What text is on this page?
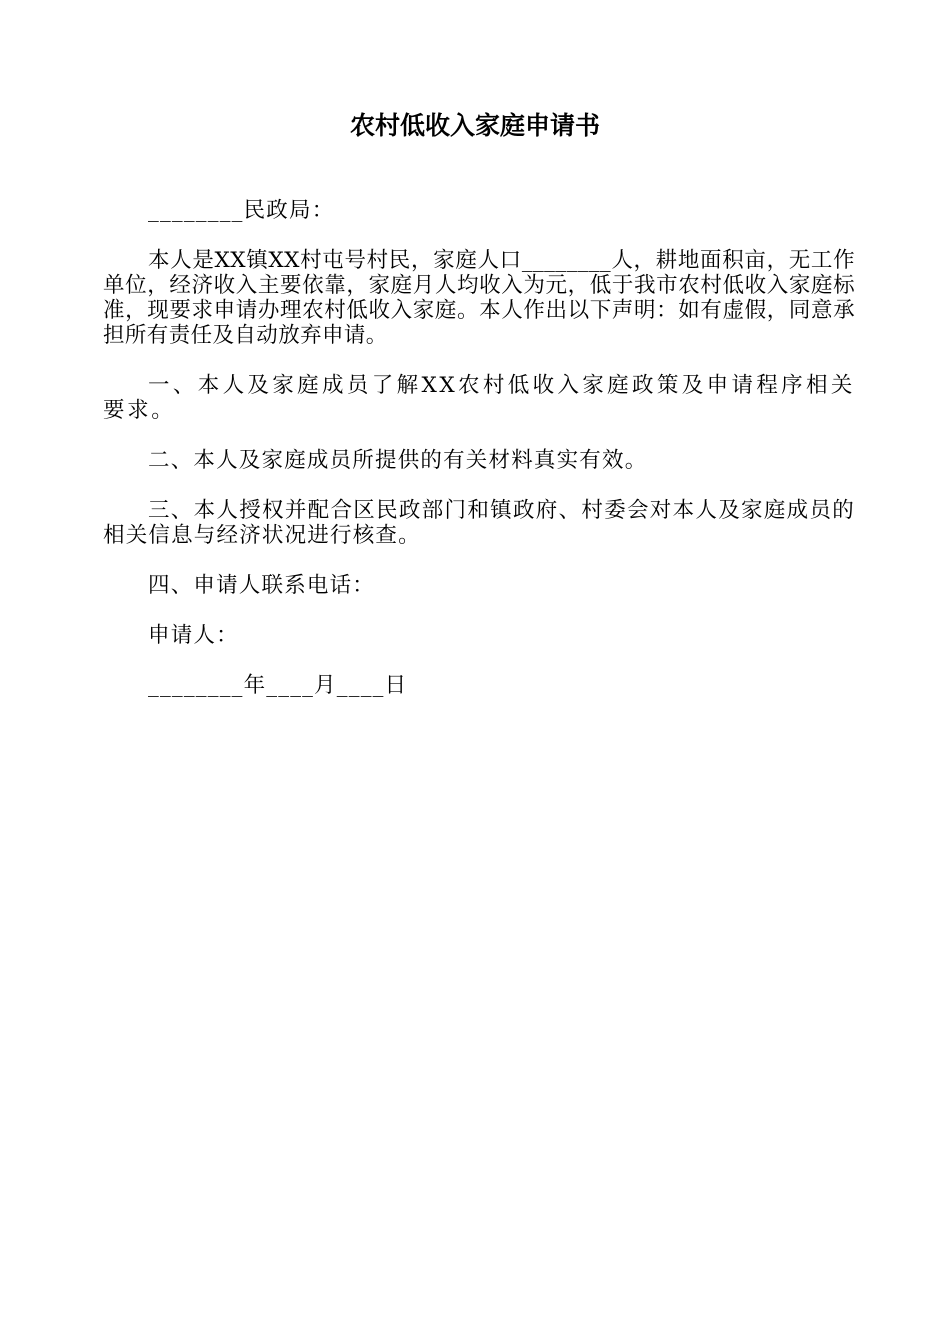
农村低收入家庭申请书

________民政局：

本人是XX镇XX村屯号村民，家庭人口________人，耕地面积亩，无工作单位，经济收入主要依靠，家庭月人均收入为元，低于我市农村低收入家庭标准，现要求申请办理农村低收入家庭。本人作出以下声明：如有虚假，同意承担所有责任及自动放弃申请。

一、本人及家庭成员了解XX农村低收入家庭政策及申请程序相关要求。

二、本人及家庭成员所提供的有关材料真实有效。

三、本人授权并配合区民政部门和镇政府、村委会对本人及家庭成员的相关信息与经济状况进行核查。

四、申请人联系电话：

申请人：

________年____月____日
